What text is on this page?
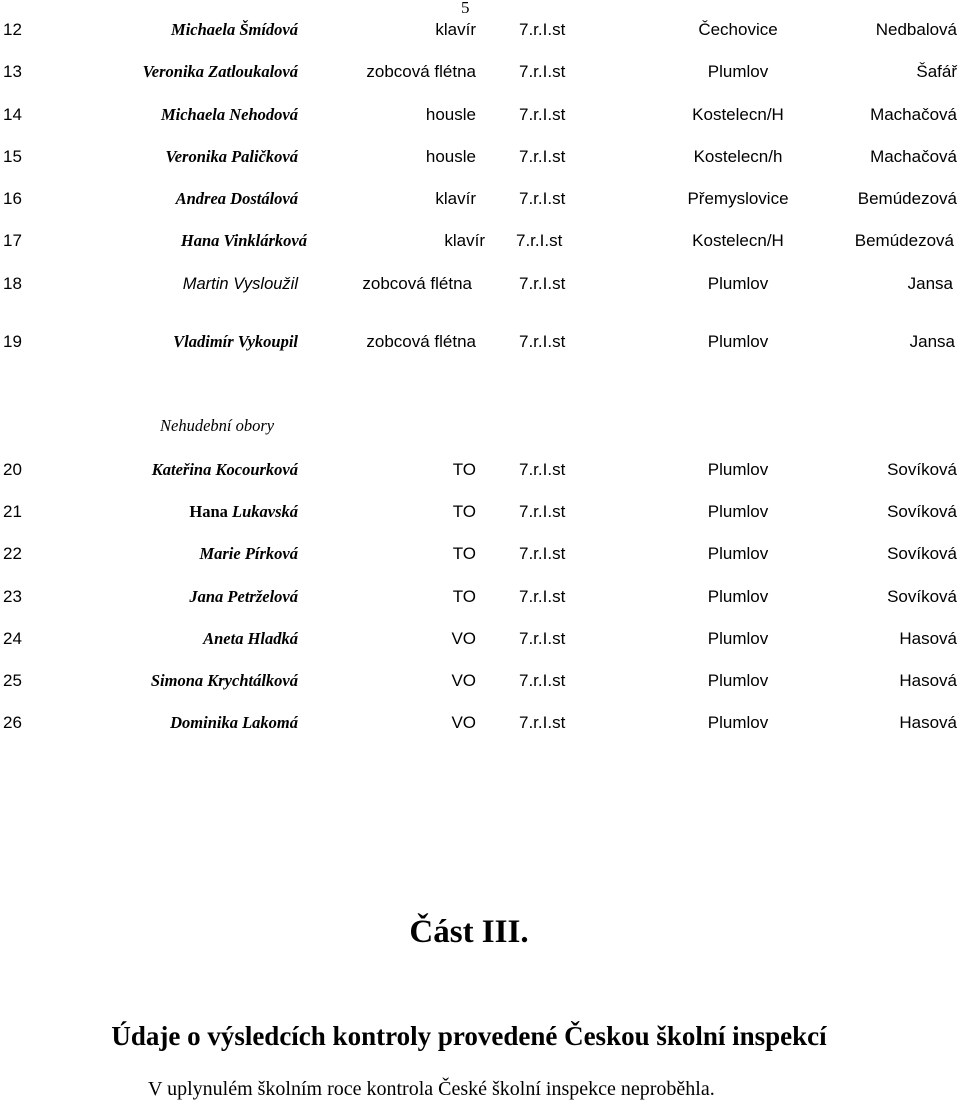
5
12	Michaela Šmídová	klavír	7.r.I.st	Čechovice	Nedbalová
13	Veronika Zatloukalová	zobcová flétna	7.r.I.st	Plumlov	Šafář
14	Michaela Nehodová	housle	7.r.I.st	Kostelecn/H	Machačová
15	Veronika Paličková	housle	7.r.I.st	Kostelecn/h	Machačová
16	Andrea Dostálová	klavír	7.r.I.st	Přemyslovice	Bemúdezová
17	Hana Vinklárková	klavír 7.r.I.st	Kostelecn/H	Bemúdezová
18	Martin Vysloužil	zobcová flétna	7.r.I.st	Plumlov	Jansa
19	Vladimír Vykoupil	zobcová flétna	7.r.I.st	Plumlov	Jansa
Nehudební obory
20	Kateřina Kocourková	TO	7.r.I.st	Plumlov	Sovíková
21	Hana Lukavská	TO	7.r.I.st	Plumlov	Sovíková
22	Marie Pírková	TO	7.r.I.st	Plumlov	Sovíková
23	Jana Petrželová	TO	7.r.I.st	Plumlov	Sovíková
24	Aneta Hladká	VO	7.r.I.st	Plumlov	Hasová
25	Simona Krychtálková	VO	7.r.I.st	Plumlov	Hasová
26	Dominika Lakomá	VO	7.r.I.st	Plumlov	Hasová
Část III.
Údaje o výsledcích kontroly provedené Českou školní inspekcí
V uplynulém školním roce kontrola České školní inspekce neproběhla.
